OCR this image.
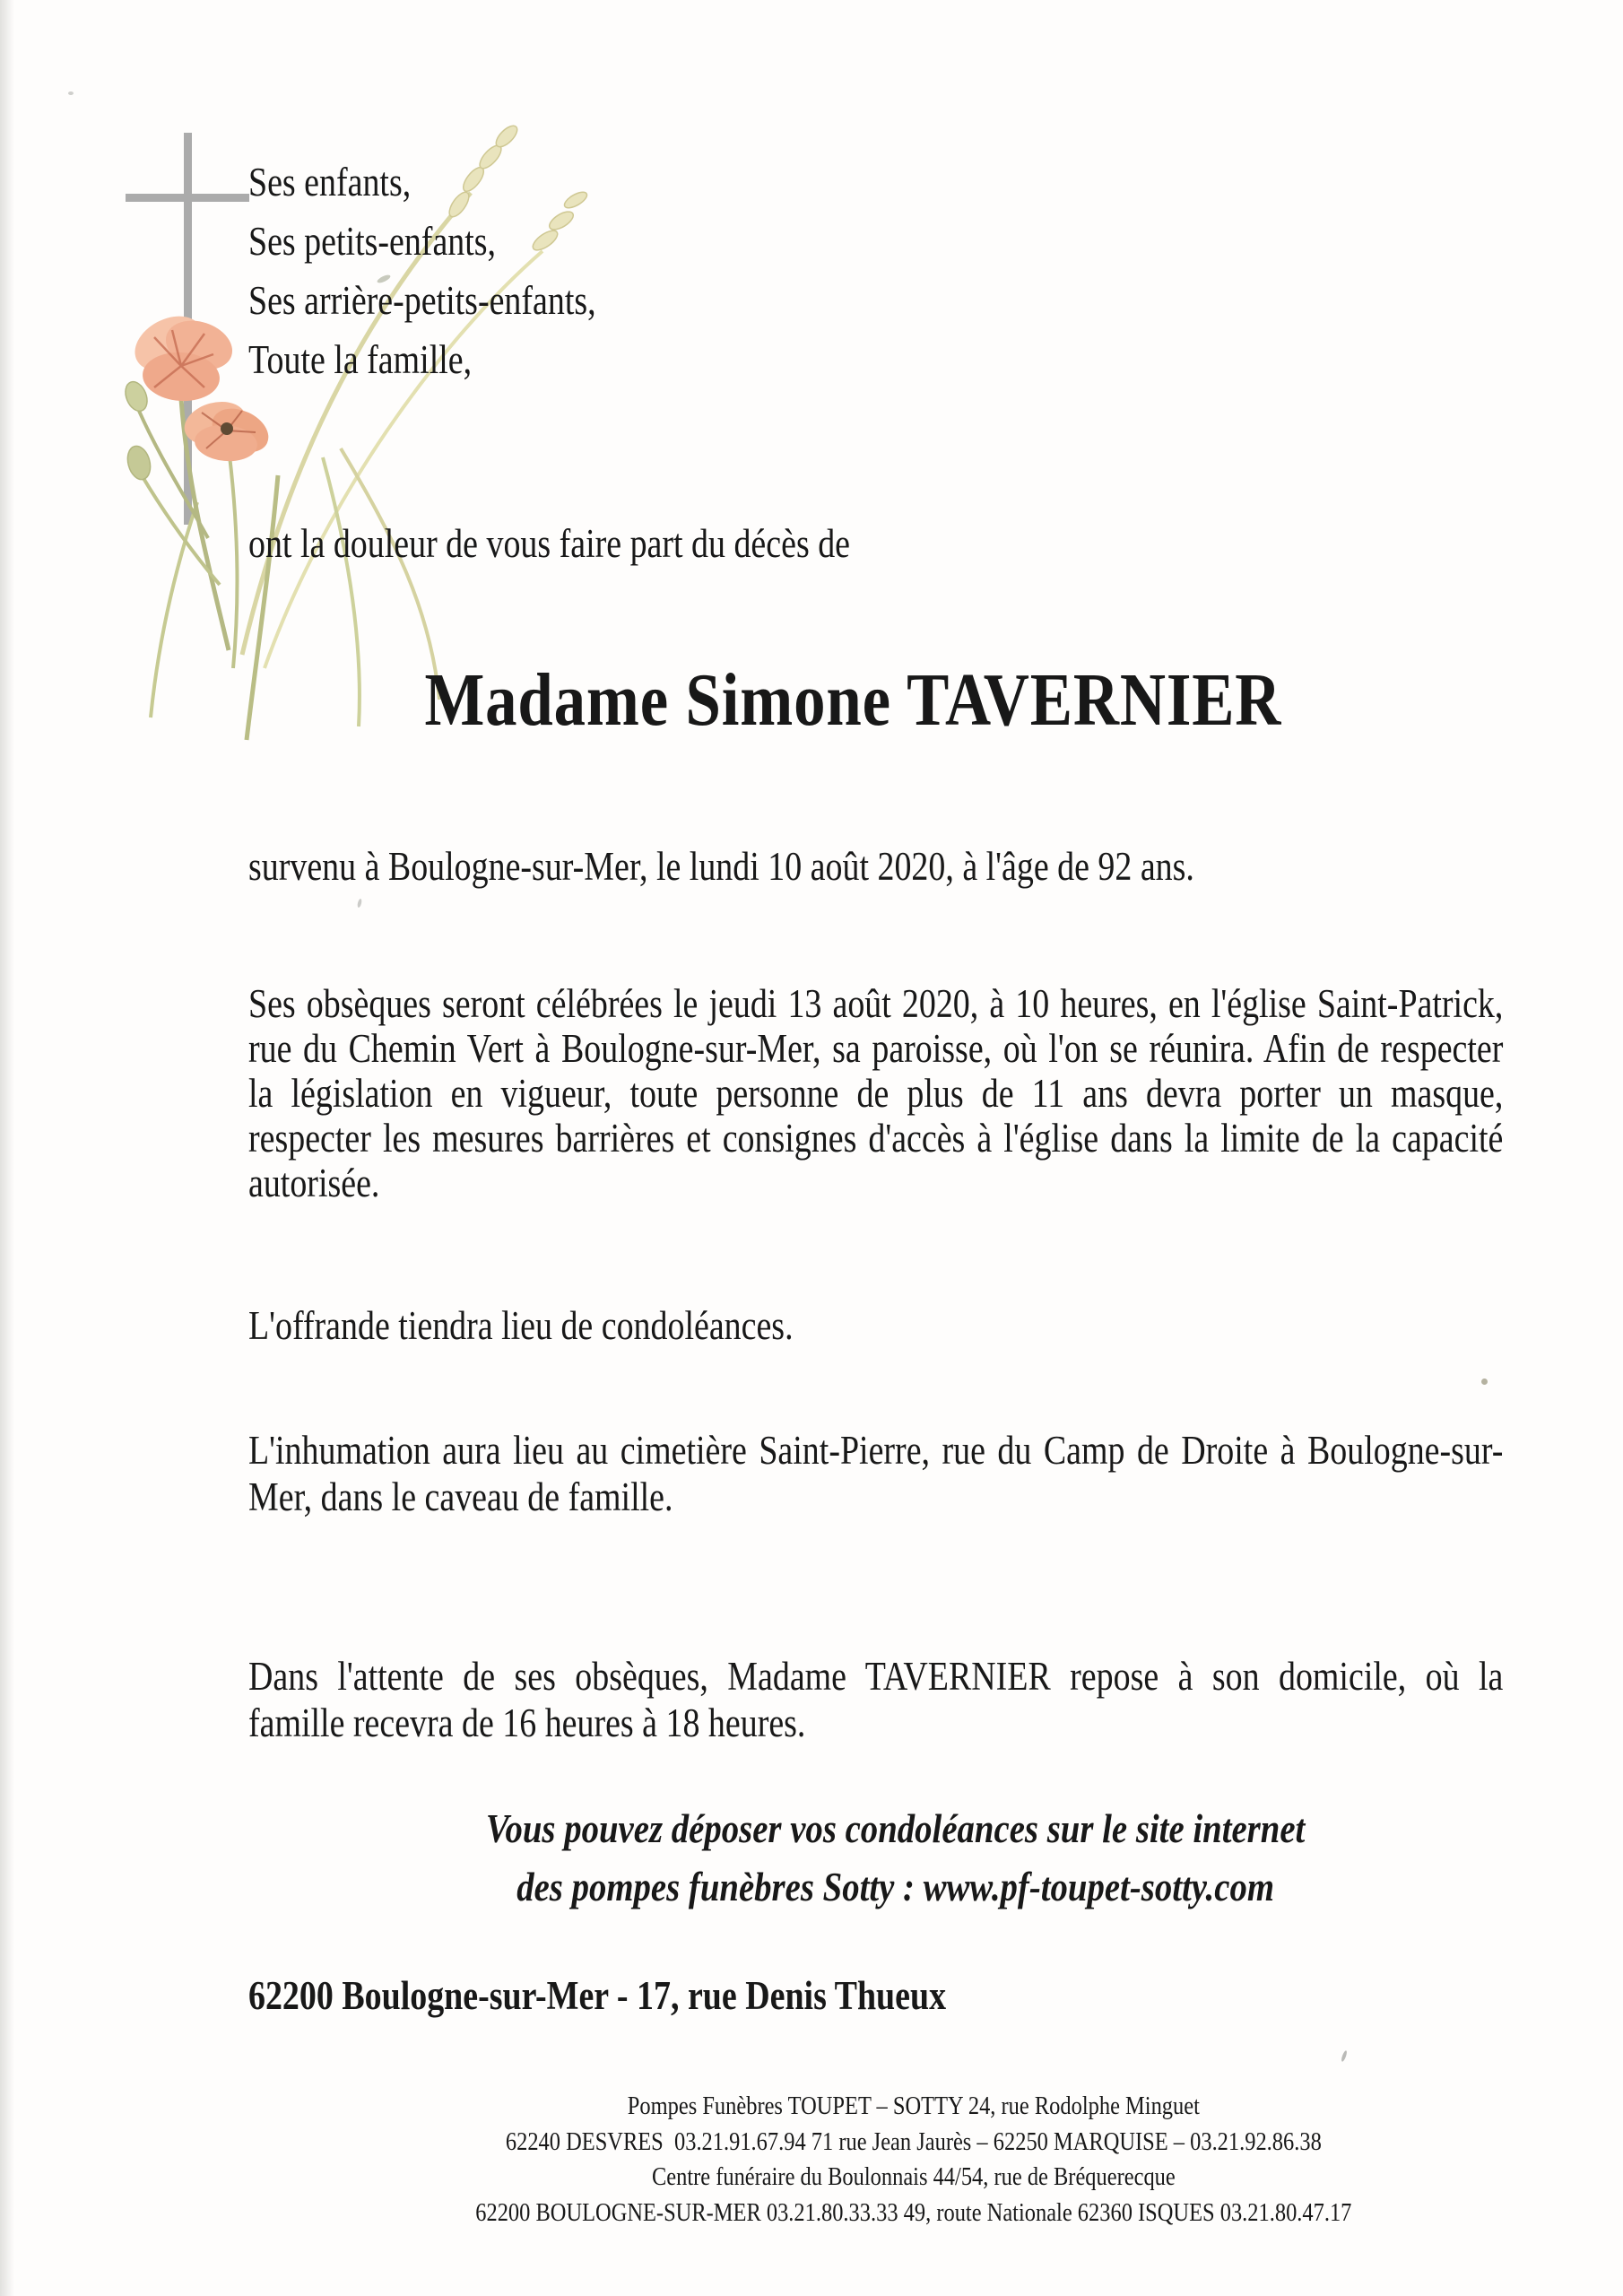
Ses enfants,
Ses petits-enfants,
Ses arrière-petits-enfants,
Toute la famille,
ont la douleur de vous faire part du décès de
Madame Simone TAVERNIER
survenu à Boulogne-sur-Mer, le lundi 10 août 2020, à l'âge de 92 ans.
Ses obsèques seront célébrées le jeudi 13 août 2020, à 10 heures, en l'église Saint-Patrick,
rue du Chemin Vert à Boulogne-sur-Mer, sa paroisse, où l'on se réunira. Afin de respecter
la législation en vigueur, toute personne de plus de 11 ans devra porter un masque,
respecter les mesures barrières et consignes d'accès à l'église dans la limite de la capacité
autorisée.
L'offrande tiendra lieu de condoléances.
L'inhumation aura lieu au cimetière Saint-Pierre, rue du Camp de Droite à Boulogne-sur-
Mer, dans le caveau de famille.
Dans l'attente de ses obsèques, Madame TAVERNIER repose à son domicile, où la
famille recevra de 16 heures à 18 heures.
Vous pouvez déposer vos condoléances sur le site internet
des pompes funèbres Sotty : www.pf-toupet-sotty.com
62200 Boulogne-sur-Mer - 17, rue Denis Thueux
Pompes Funèbres TOUPET – SOTTY 24, rue Rodolphe Minguet
62240 DESVRES  03.21.91.67.94 71 rue Jean Jaurès – 62250 MARQUISE – 03.21.92.86.38
Centre funéraire du Boulonnais 44/54, rue de Bréquerecque
62200 BOULOGNE-SUR-MER 03.21.80.33.33 49, route Nationale 62360 ISQUES 03.21.80.47.17
